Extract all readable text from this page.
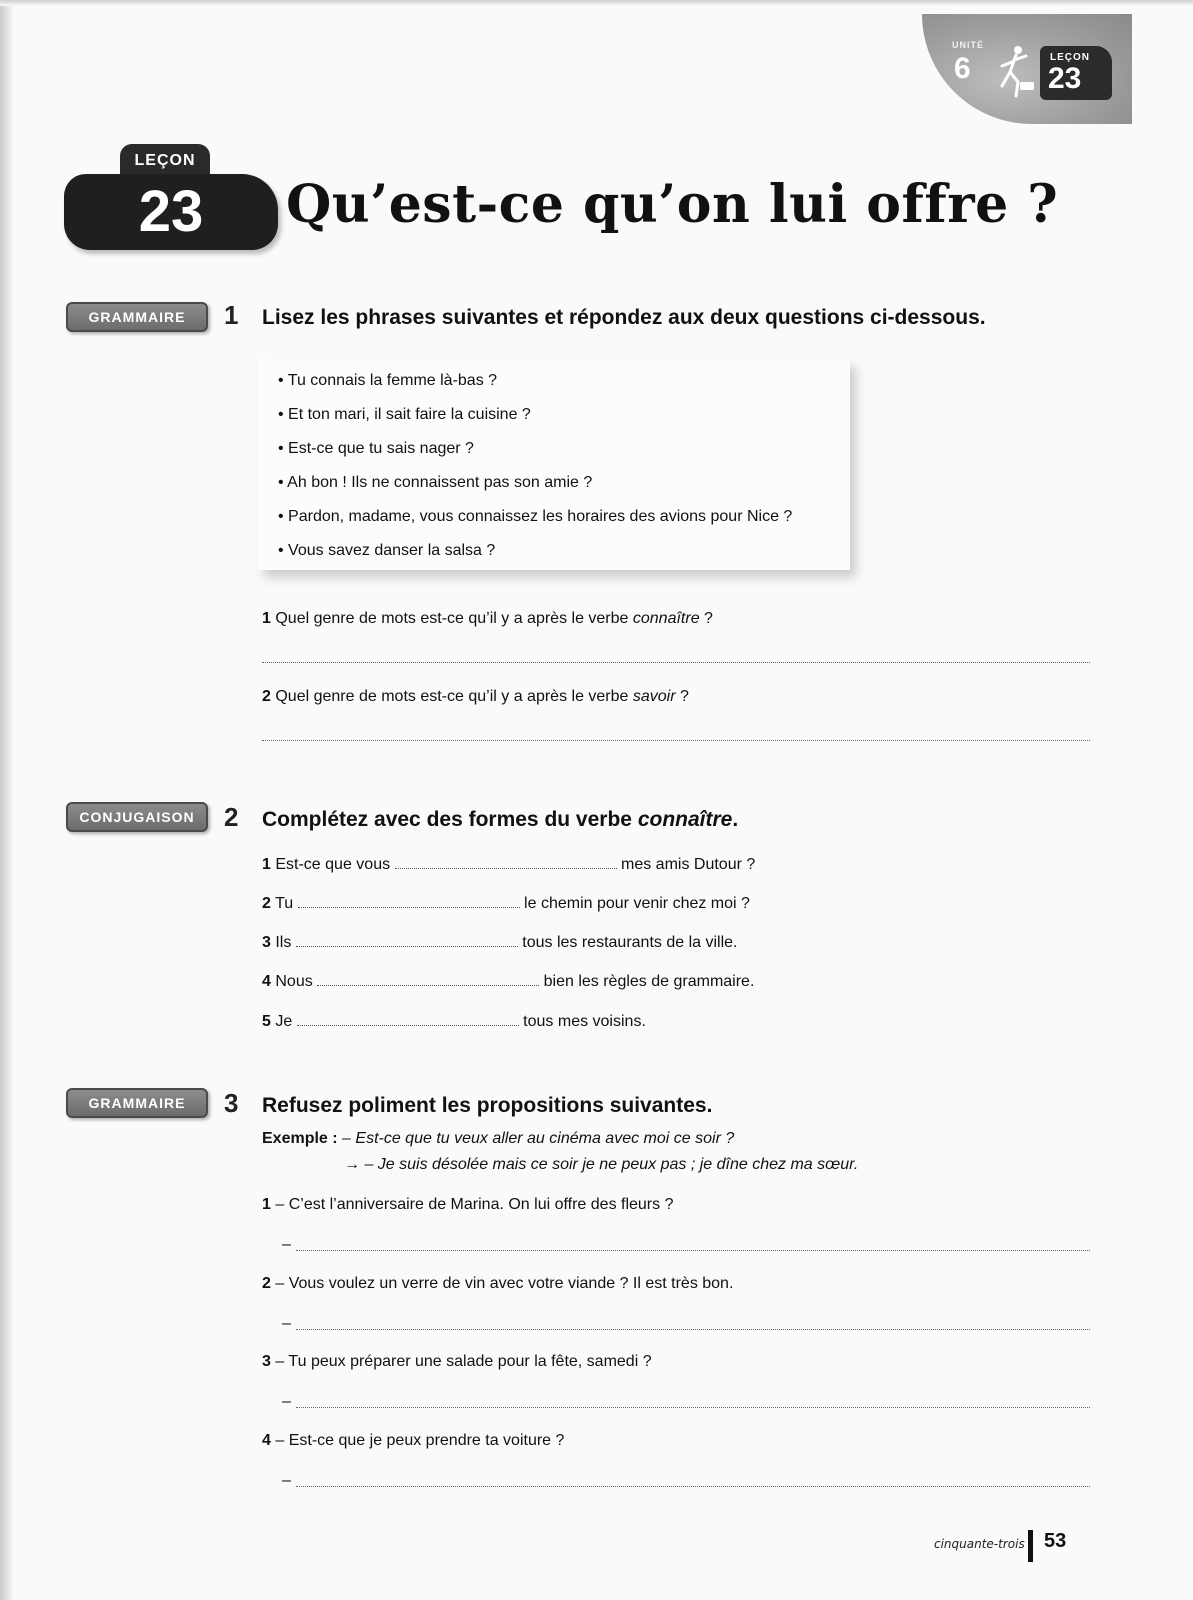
UNITÉ
6	LEÇON
23
LEÇON
23	Qu’est-ce qu’on lui offre ?
GRAMMAIRE	1 Lisez les phrases suivantes et répondez aux deux questions ci-dessous.
• Tu connais la femme là-bas ?
• Et ton mari, il sait faire la cuisine ?
• Est-ce que tu sais nager ?
• Ah bon ! Ils ne connaissent pas son amie ?
• Pardon, madame, vous connaissez les horaires des avions pour Nice ?
• Vous savez danser la salsa ?
1 Quel genre de mots est-ce qu’il y a après le verbe connaître ?
2 Quel genre de mots est-ce qu’il y a après le verbe savoir ?
CONJUGAISON	2 Complétez avec des formes du verbe connaître.
1 Est-ce que vous	mes amis Dutour ?
2 Tu	le chemin pour venir chez moi ?
3 Ils	tous les restaurants de la ville.
4 Nous	bien les règles de grammaire.
5 Je	tous mes voisins.
GRAMMAIRE	3 Refusez poliment les propositions suivantes.
Exemple : – Est-ce que tu veux aller au cinéma avec moi ce soir ?
→ – Je suis désolée mais ce soir je ne peux pas ; je dîne chez ma sœur.
1 – C’est l’anniversaire de Marina. On lui offre des fleurs ?
–
2 – Vous voulez un verre de vin avec votre viande ? Il est très bon.
–
3 – Tu peux préparer une salade pour la fête, samedi ?
–
4 – Est-ce que je peux prendre ta voiture ?
–
cinquante-trois 53
